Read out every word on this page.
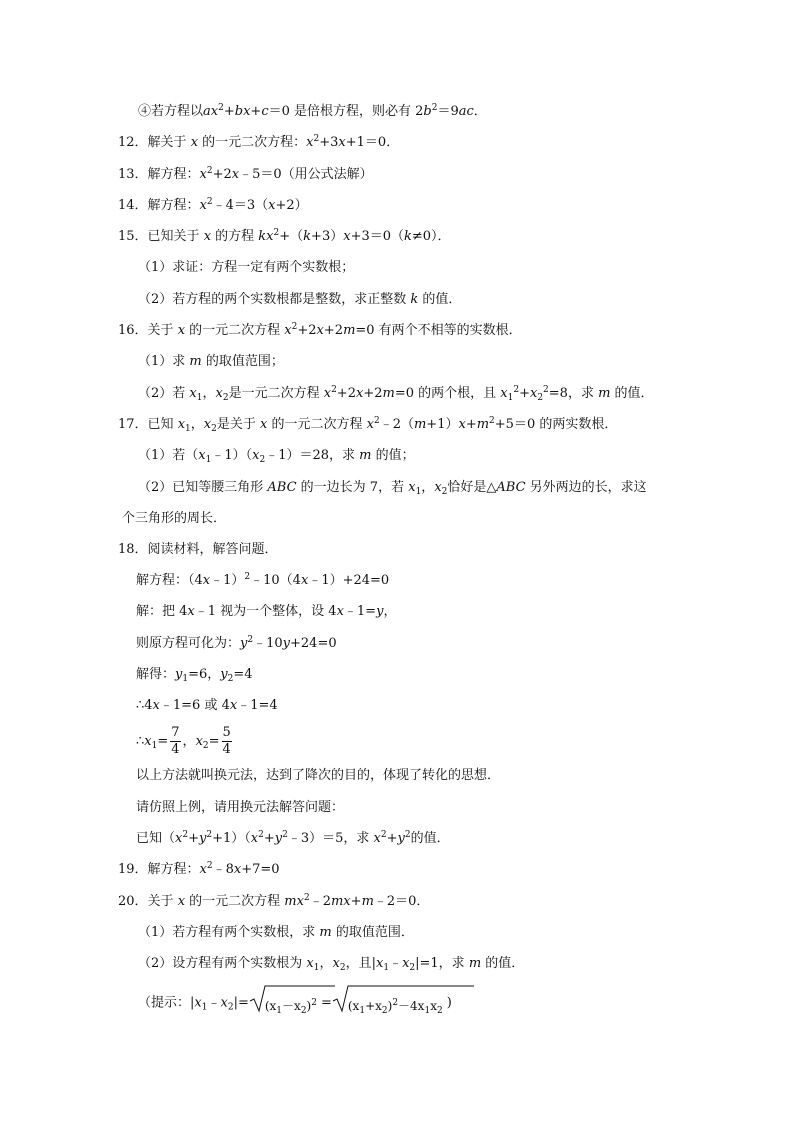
④若方程以$ax^2+bx+c=0$ 是倍根方程，则必有 $2b^2=9ac$．
12．解关于 x 的一元二次方程：$x^2+3x+1=0$．
13．解方程：$x^2+2x﹣5=0$（用公式法解）
14．解方程：$x^2﹣4=3(x+2)$
15．已知关于 x 的方程 $kx^2+(k+3)x+3=0(k\ne 0)$．
（1）求证：方程一定有两个实数根；
（2）若方程的两个实数根都是整数，求正整数 k 的值．
16．关于 x 的一元二次方程 $x^2+2x+2m=0$ 有两个不相等的实数根．
（1）求 m 的取值范围；
（2）若 $x_1$，$x_2$是一元二次方程 $x^2+2x+2m=0$ 的两个根，且 $x_1^2+x_2^2=8$，求 m 的值．
17．已知 $x_1$，$x_2$是关于 x 的一元二次方程 $x^2﹣2(m+1)x+m^2+5=0$ 的两实数根．
（1）若$(x_1﹣1)(x_2﹣1)=28$，求 m 的值；
（2）已知等腰三角形 ABC 的一边长为 7，若 $x_1$，$x_2$恰好是△ABC 另外两边的长，求这
个三角形的周长．
18．阅读材料，解答问题．
解方程：（4x﹣1）$^2$﹣10（4x﹣1）+24=0
解：把 4x﹣1 视为一个整体，设 4x﹣1=y，
则原方程可化为：$y^2﹣10y+24=0$
解得：$y_1=6$，$y_2=4$
∴4x﹣1=6 或 4x﹣1=4
$\therefore x_1= \frac{7}{4}$ ，$x_2= \frac{5}{4}$
以上方法就叫换元法，达到了降次的目的，体现了转化的思想．
请仿照上例，请用换元法解答问题：
已知$(x^2+y^2+1)(x^2+y^2﹣3)=5$，求 $x^2+y^2$的值．
19．解方程：$x^2﹣8x+7=0$
20．关于 x 的一元二次方程 $mx^2﹣2mx+m﹣2=0$．
（1）若方程有两个实数根，求 m 的取值范围．
（2）设方程有两个实数根为 $x_1$，$x_2$，且$|x_1﹣x_2|=1$，求 m 的值．
（提示：$|x_1﹣x_2|= (x_1-x_2)^2 = (x_1+x_2)^2-4x_1x_2$)
